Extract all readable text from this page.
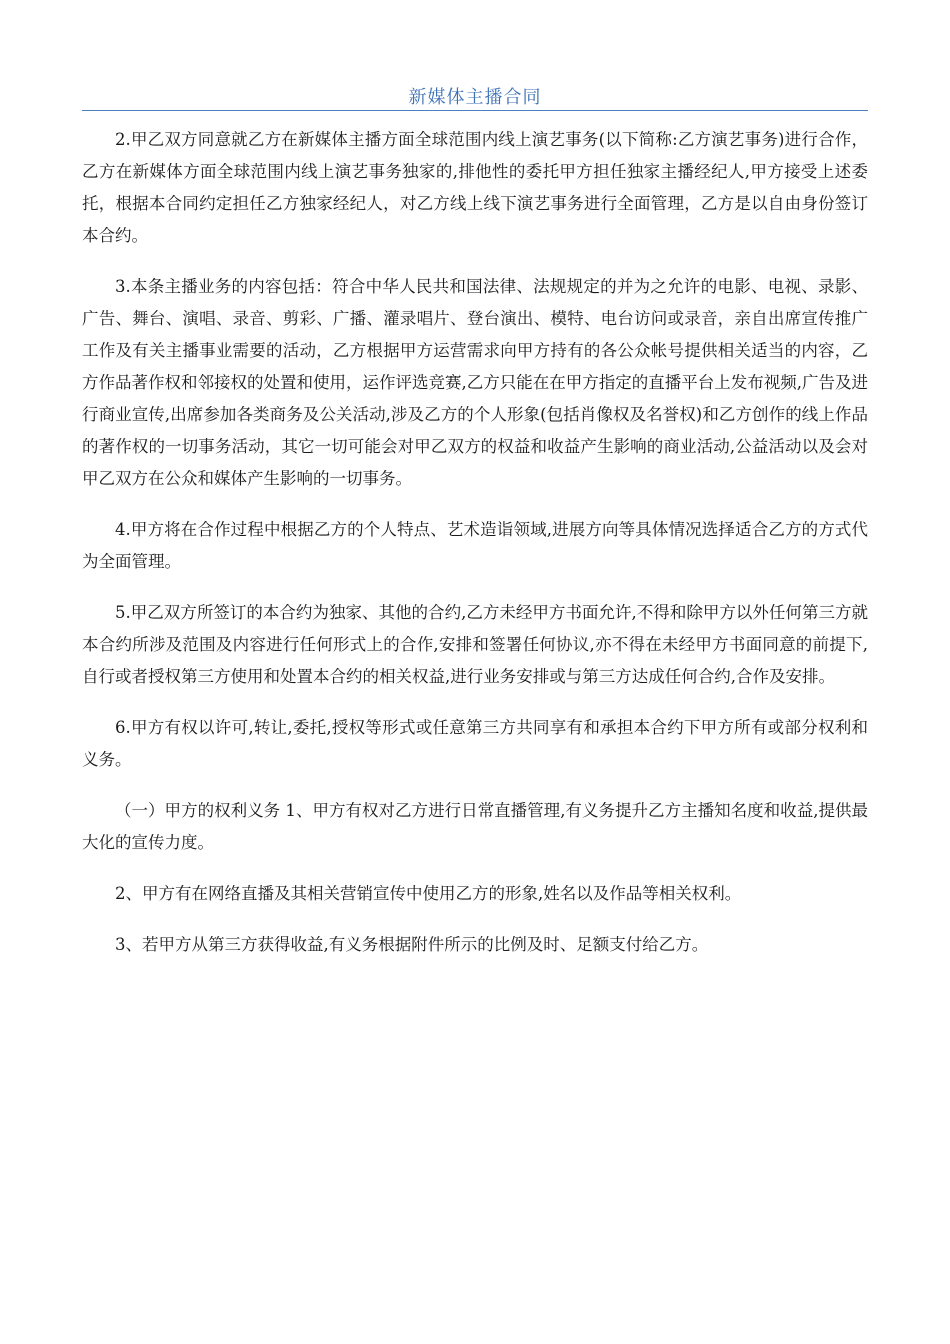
新媒体主播合同

2.甲乙双方同意就乙方在新媒体主播方面全球范围内线上演艺事务(以下简称:乙方演艺事务)进行合作，乙方在新媒体方面全球范围内线上演艺事务独家的,排他性的委托甲方担任独家主播经纪人,甲方接受上述委托，根据本合同约定担任乙方独家经纪人，对乙方线上线下演艺事务进行全面管理，乙方是以自由身份签订本合约。

3.本条主播业务的内容包括：符合中华人民共和国法律、法规规定的并为之允许的电影、电视、录影、广告、舞台、演唱、录音、剪彩、广播、灌录唱片、登台演出、模特、电台访问或录音，亲自出席宣传推广工作及有关主播事业需要的活动，乙方根据甲方运营需求向甲方持有的各公众帐号提供相关适当的内容，乙方作品著作权和邻接权的处置和使用，运作评选竞赛,乙方只能在在甲方指定的直播平台上发布视频,广告及进行商业宣传,出席参加各类商务及公关活动,涉及乙方的个人形象(包括肖像权及名誉权)和乙方创作的线上作品的著作权的一切事务活动，其它一切可能会对甲乙双方的权益和收益产生影响的商业活动,公益活动以及会对甲乙双方在公众和媒体产生影响的一切事务。

4.甲方将在合作过程中根据乙方的个人特点、艺术造诣领域,进展方向等具体情况选择适合乙方的方式代为全面管理。

5.甲乙双方所签订的本合约为独家、其他的合约,乙方未经甲方书面允许,不得和除甲方以外任何第三方就本合约所涉及范围及内容进行任何形式上的合作,安排和签署任何协议,亦不得在未经甲方书面同意的前提下,自行或者授权第三方使用和处置本合约的相关权益,进行业务安排或与第三方达成任何合约,合作及安排。

6.甲方有权以许可,转让,委托,授权等形式或任意第三方共同享有和承担本合约下甲方所有或部分权利和义务。

（一）甲方的权利义务 1、甲方有权对乙方进行日常直播管理,有义务提升乙方主播知名度和收益,提供最大化的宣传力度。

2、甲方有在网络直播及其相关营销宣传中使用乙方的形象,姓名以及作品等相关权利。

3、若甲方从第三方获得收益,有义务根据附件所示的比例及时、足额支付给乙方。
